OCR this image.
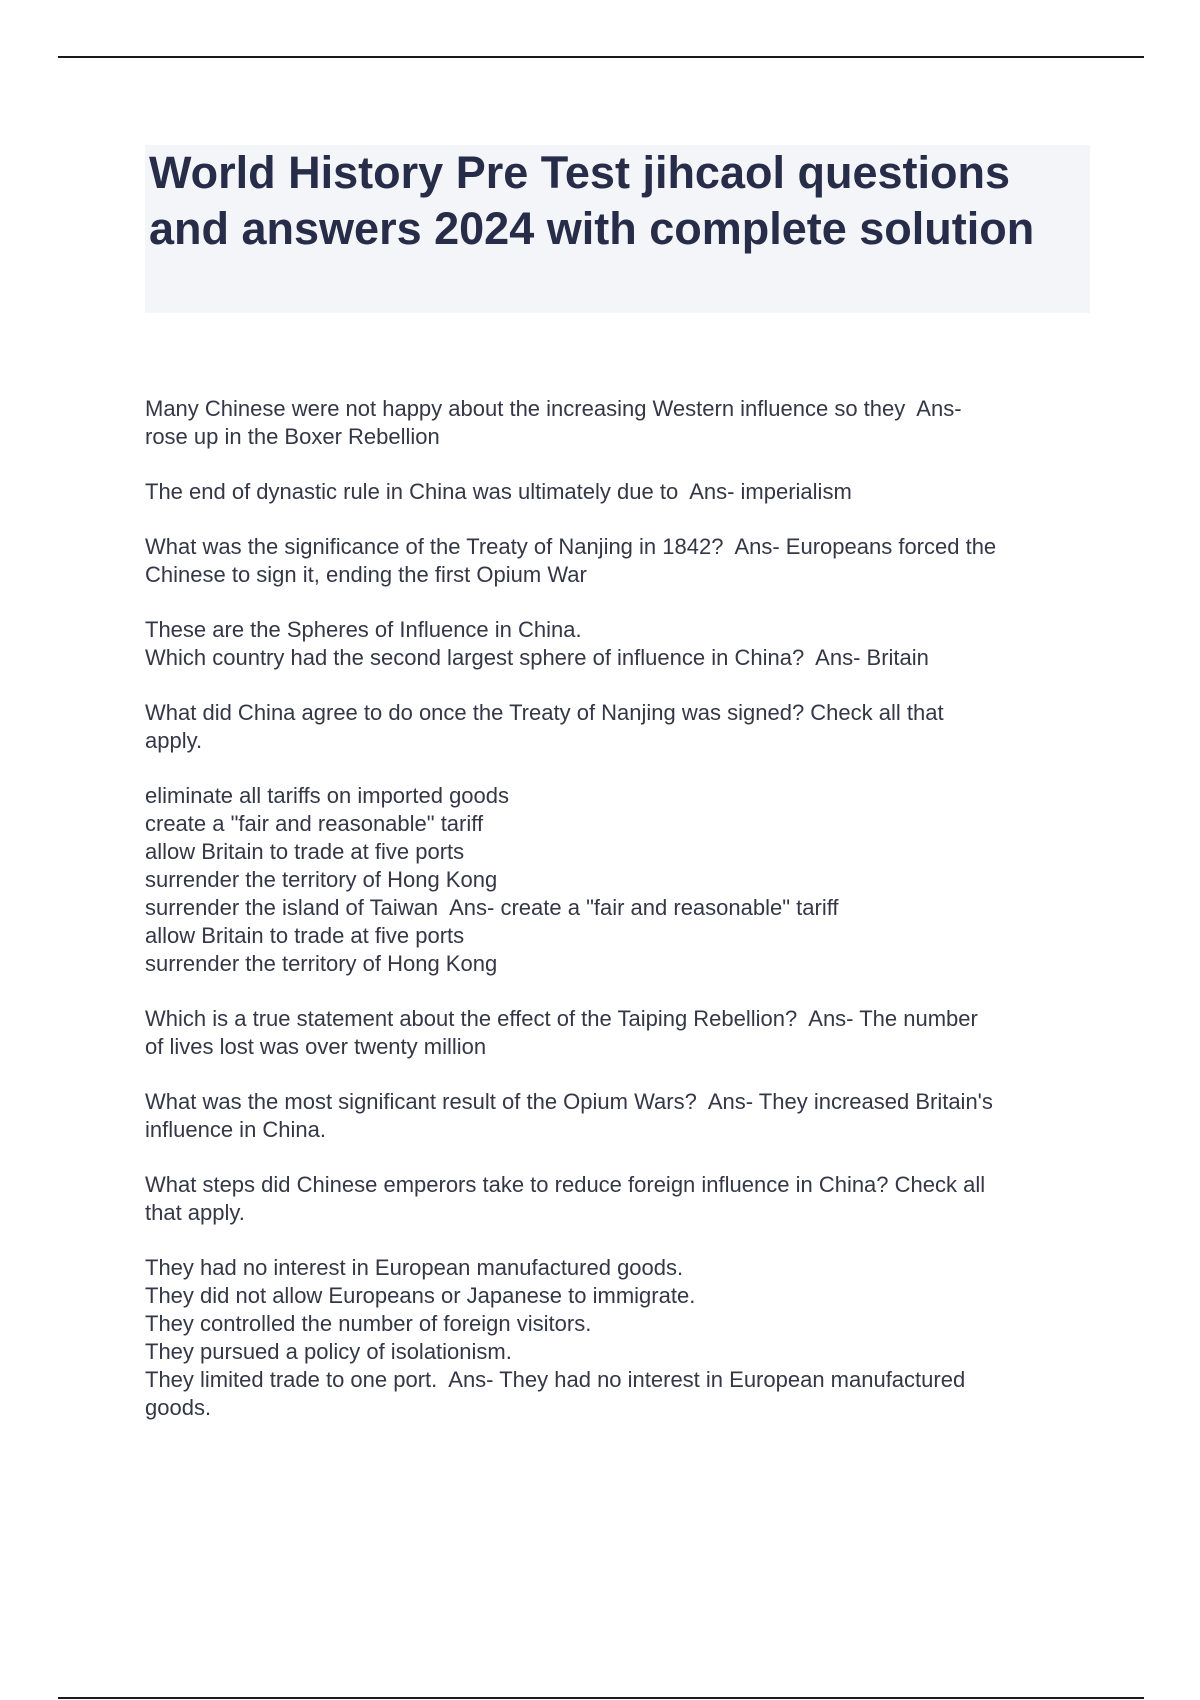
World History Pre Test jihcaol questions and answers 2024 with complete solution

Many Chinese were not happy about the increasing Western influence so they  Ans-
rose up in the Boxer Rebellion

The end of dynastic rule in China was ultimately due to  Ans- imperialism

What was the significance of the Treaty of Nanjing in 1842?  Ans- Europeans forced the
Chinese to sign it, ending the first Opium War

These are the Spheres of Influence in China.
Which country had the second largest sphere of influence in China?  Ans- Britain

What did China agree to do once the Treaty of Nanjing was signed? Check all that
apply.

eliminate all tariffs on imported goods
create a "fair and reasonable" tariff
allow Britain to trade at five ports
surrender the territory of Hong Kong
surrender the island of Taiwan  Ans- create a "fair and reasonable" tariff
allow Britain to trade at five ports
surrender the territory of Hong Kong

Which is a true statement about the effect of the Taiping Rebellion?  Ans- The number
of lives lost was over twenty million

What was the most significant result of the Opium Wars?  Ans- They increased Britain's
influence in China.

What steps did Chinese emperors take to reduce foreign influence in China? Check all
that apply.

They had no interest in European manufactured goods.
They did not allow Europeans or Japanese to immigrate.
They controlled the number of foreign visitors.
They pursued a policy of isolationism.
They limited trade to one port.  Ans- They had no interest in European manufactured
goods.
